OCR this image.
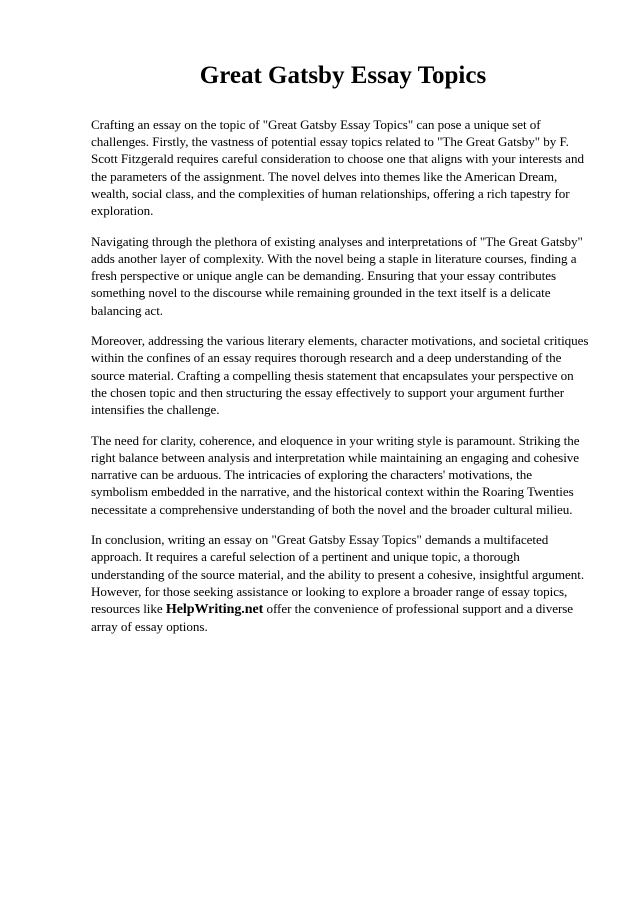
Great Gatsby Essay Topics

Crafting an essay on the topic of "Great Gatsby Essay Topics" can pose a unique set of challenges. Firstly, the vastness of potential essay topics related to "The Great Gatsby" by F. Scott Fitzgerald requires careful consideration to choose one that aligns with your interests and the parameters of the assignment. The novel delves into themes like the American Dream, wealth, social class, and the complexities of human relationships, offering a rich tapestry for exploration.

Navigating through the plethora of existing analyses and interpretations of "The Great Gatsby" adds another layer of complexity. With the novel being a staple in literature courses, finding a fresh perspective or unique angle can be demanding. Ensuring that your essay contributes something novel to the discourse while remaining grounded in the text itself is a delicate balancing act.

Moreover, addressing the various literary elements, character motivations, and societal critiques within the confines of an essay requires thorough research and a deep understanding of the source material. Crafting a compelling thesis statement that encapsulates your perspective on the chosen topic and then structuring the essay effectively to support your argument further intensifies the challenge.

The need for clarity, coherence, and eloquence in your writing style is paramount. Striking the right balance between analysis and interpretation while maintaining an engaging and cohesive narrative can be arduous. The intricacies of exploring the characters' motivations, the symbolism embedded in the narrative, and the historical context within the Roaring Twenties necessitate a comprehensive understanding of both the novel and the broader cultural milieu.

In conclusion, writing an essay on "Great Gatsby Essay Topics" demands a multifaceted approach. It requires a careful selection of a pertinent and unique topic, a thorough understanding of the source material, and the ability to present a cohesive, insightful argument. However, for those seeking assistance or looking to explore a broader range of essay topics, resources like HelpWriting.net offer the convenience of professional support and a diverse array of essay options.
